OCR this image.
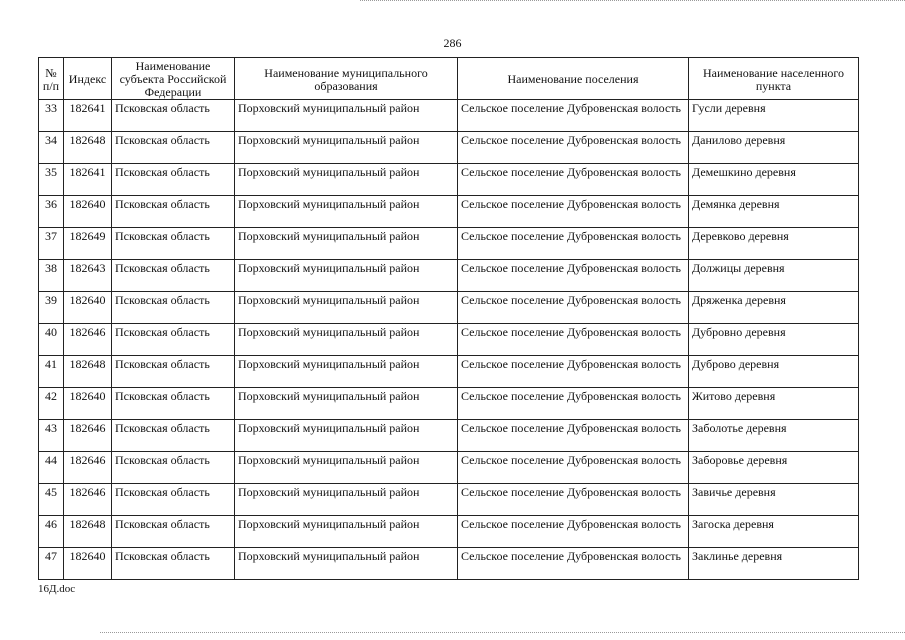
286
№ п/п	Индекс	Наименование субъекта Российской Федерации	Наименование муниципального образования	Наименование поселения	Наименование населенного пункта
33	182641	Псковская область	Порховский муниципальный район	Сельское поселение Дубровенская волость	Гусли деревня
34	182648	Псковская область	Порховский муниципальный район	Сельское поселение Дубровенская волость	Данилово деревня
35	182641	Псковская область	Порховский муниципальный район	Сельское поселение Дубровенская волость	Демешкино деревня
36	182640	Псковская область	Порховский муниципальный район	Сельское поселение Дубровенская волость	Демянка деревня
37	182649	Псковская область	Порховский муниципальный район	Сельское поселение Дубровенская волость	Деревково деревня
38	182643	Псковская область	Порховский муниципальный район	Сельское поселение Дубровенская волость	Должицы деревня
39	182640	Псковская область	Порховский муниципальный район	Сельское поселение Дубровенская волость	Дряженка деревня
40	182646	Псковская область	Порховский муниципальный район	Сельское поселение Дубровенская волость	Дубровно деревня
41	182648	Псковская область	Порховский муниципальный район	Сельское поселение Дубровенская волость	Дуброво деревня
42	182640	Псковская область	Порховский муниципальный район	Сельское поселение Дубровенская волость	Житово деревня
43	182646	Псковская область	Порховский муниципальный район	Сельское поселение Дубровенская волость	Заболотье деревня
44	182646	Псковская область	Порховский муниципальный район	Сельское поселение Дубровенская волость	Заборовье деревня
45	182646	Псковская область	Порховский муниципальный район	Сельское поселение Дубровенская волость	Завичье деревня
46	182648	Псковская область	Порховский муниципальный район	Сельское поселение Дубровенская волость	Загоска деревня
47	182640	Псковская область	Порховский муниципальный район	Сельское поселение Дубровенская волость	Заклинье деревня
16Д.doc
